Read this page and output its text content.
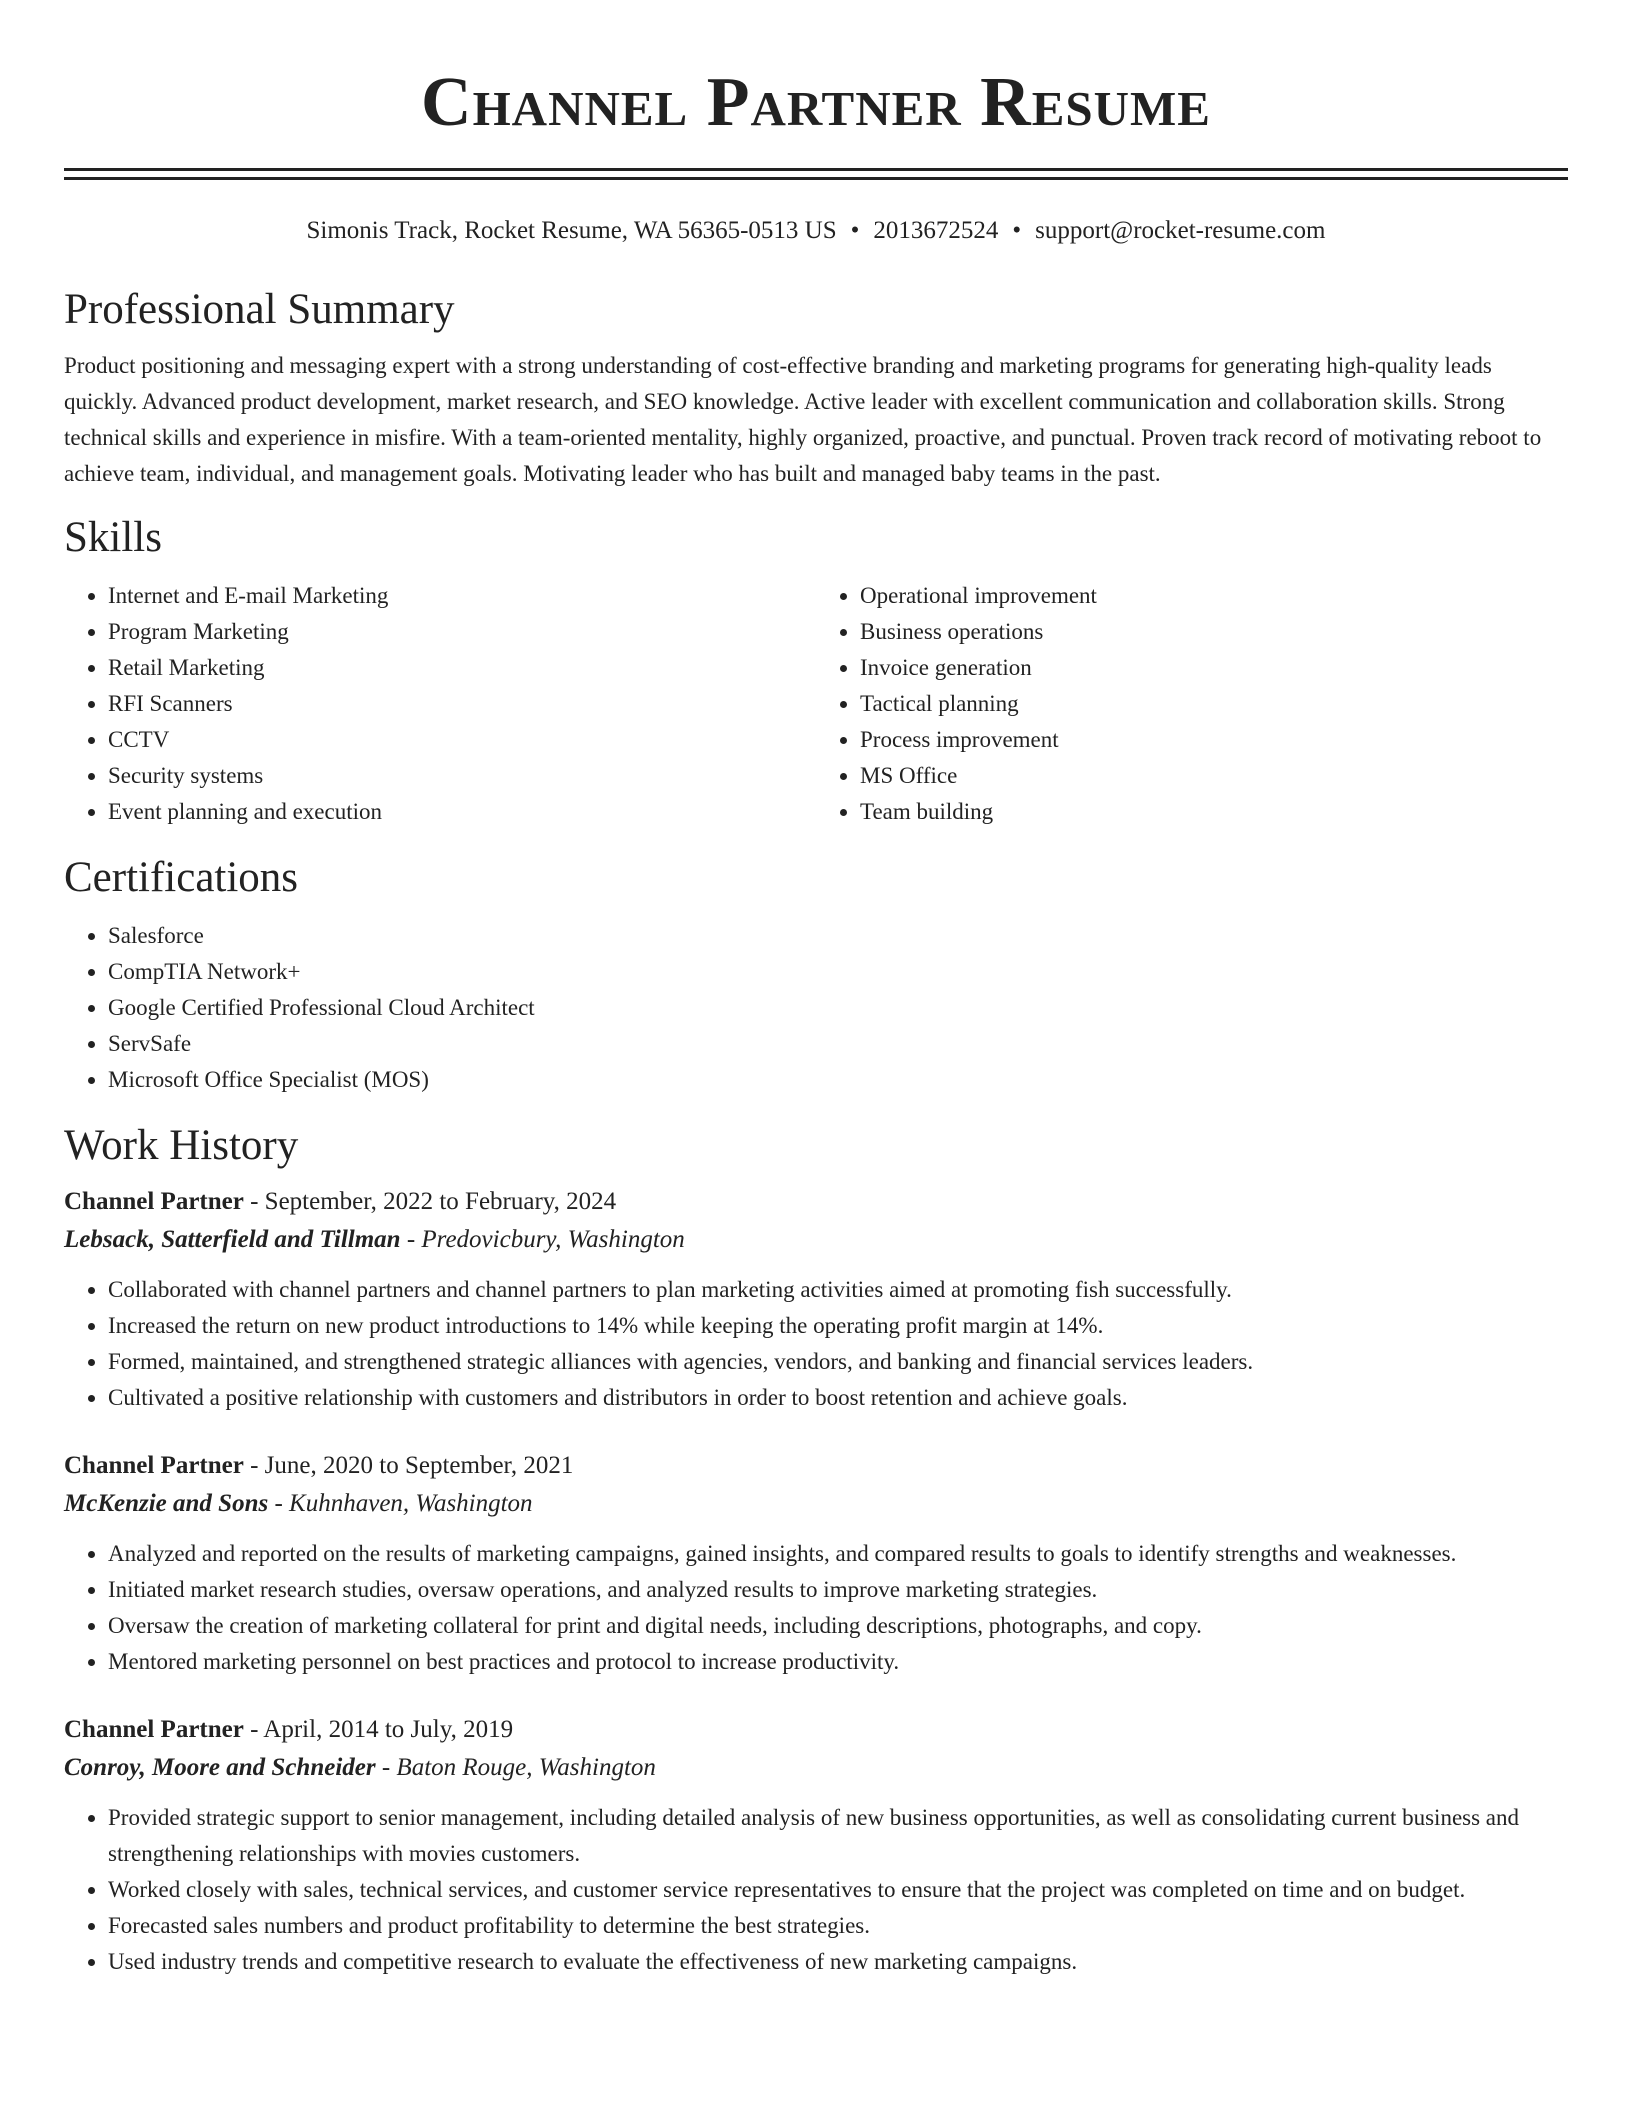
Channel Partner Resume
Simonis Track, Rocket Resume, WA 56365-0513 US • 2013672524 • support@rocket-resume.com
Professional Summary

Product positioning and messaging expert with a strong understanding of cost-effective branding and marketing programs for generating high-quality leads quickly. Advanced product development, market research, and SEO knowledge. Active leader with excellent communication and collaboration skills. Strong technical skills and experience in misfire. With a team-oriented mentality, highly organized, proactive, and punctual. Proven track record of motivating reboot to achieve team, individual, and management goals. Motivating leader who has built and managed baby teams in the past.

Skills
• Internet and E-mail Marketing
• Program Marketing
• Retail Marketing
• RFI Scanners
• CCTV
• Security systems
• Event planning and execution
• Operational improvement
• Business operations
• Invoice generation
• Tactical planning
• Process improvement
• MS Office
• Team building
Certifications
• Salesforce
• CompTIA Network+
• Google Certified Professional Cloud Architect
• ServSafe
• Microsoft Office Specialist (MOS)
Work History
Channel Partner - September, 2022 to February, 2024
Lebsack, Satterfield and Tillman - Predovicbury, Washington
• Collaborated with channel partners and channel partners to plan marketing activities aimed at promoting fish successfully.
• Increased the return on new product introductions to 14% while keeping the operating profit margin at 14%.
• Formed, maintained, and strengthened strategic alliances with agencies, vendors, and banking and financial services leaders.
• Cultivated a positive relationship with customers and distributors in order to boost retention and achieve goals.
Channel Partner - June, 2020 to September, 2021
McKenzie and Sons - Kuhnhaven, Washington
• Analyzed and reported on the results of marketing campaigns, gained insights, and compared results to goals to identify strengths and weaknesses.
• Initiated market research studies, oversaw operations, and analyzed results to improve marketing strategies.
• Oversaw the creation of marketing collateral for print and digital needs, including descriptions, photographs, and copy.
• Mentored marketing personnel on best practices and protocol to increase productivity.
Channel Partner - April, 2014 to July, 2019
Conroy, Moore and Schneider - Baton Rouge, Washington
• Provided strategic support to senior management, including detailed analysis of new business opportunities, as well as consolidating current business and strengthening relationships with movies customers.
• Worked closely with sales, technical services, and customer service representatives to ensure that the project was completed on time and on budget.
• Forecasted sales numbers and product profitability to determine the best strategies.
• Used industry trends and competitive research to evaluate the effectiveness of new marketing campaigns.
